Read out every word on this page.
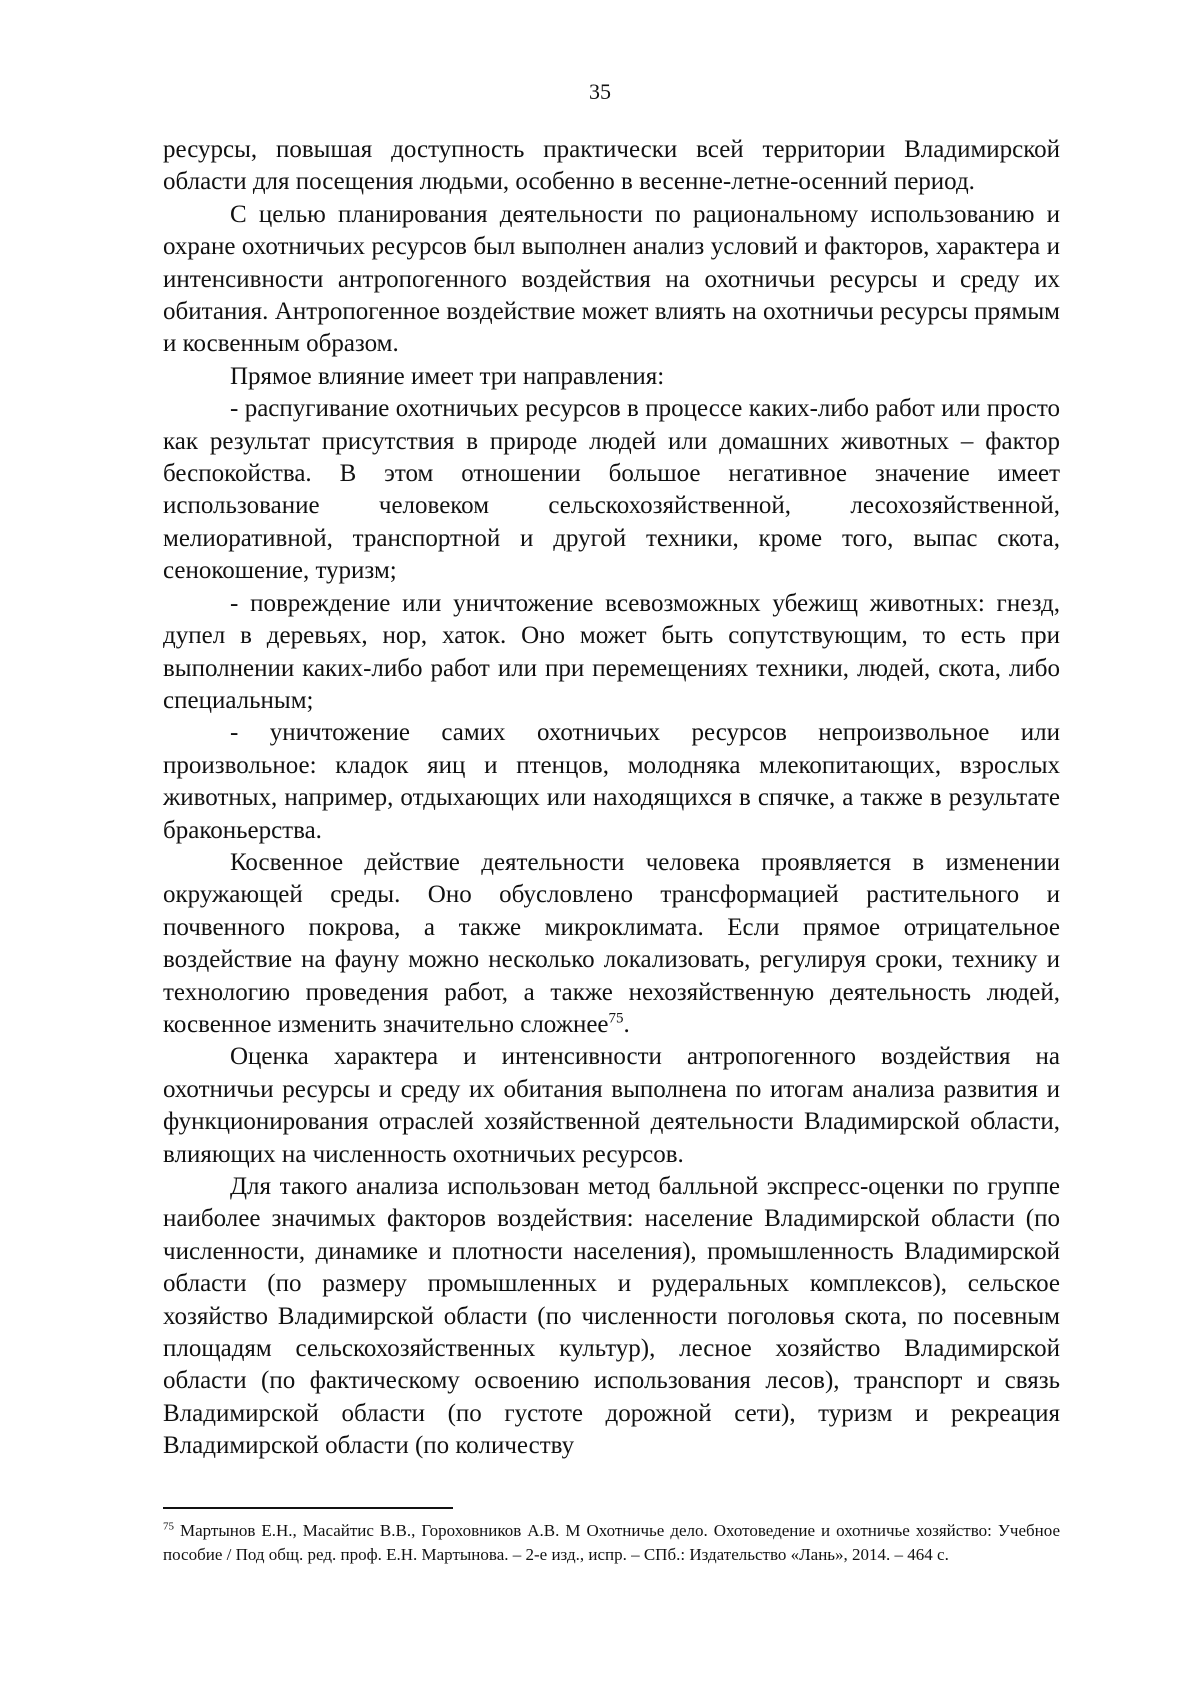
35

ресурсы, повышая доступность практически всей территории Владимирской области для посещения людьми, особенно в весенне-летне-осенний период.

С целью планирования деятельности по рациональному использованию и охране охотничьих ресурсов был выполнен анализ условий и факторов, характера и интенсивности антропогенного воздействия на охотничьи ресурсы и среду их обитания. Антропогенное воздействие может влиять на охотничьи ресурсы прямым и косвенным образом.

Прямое влияние имеет три направления:

- распугивание охотничьих ресурсов в процессе каких-либо работ или просто как результат присутствия в природе людей или домашних животных – фактор беспокойства. В этом отношении большое негативное значение имеет использование человеком сельскохозяйственной, лесохозяйственной, мелиоративной, транспортной и другой техники, кроме того, выпас скота, сенокошение, туризм;

- повреждение или уничтожение всевозможных убежищ животных: гнезд, дупел в деревьях, нор, хаток. Оно может быть сопутствующим, то есть при выполнении каких-либо работ или при перемещениях техники, людей, скота, либо специальным;

- уничтожение самих охотничьих ресурсов непроизвольное или произвольное: кладок яиц и птенцов, молодняка млекопитающих, взрослых животных, например, отдыхающих или находящихся в спячке, а также в результате браконьерства.

Косвенное действие деятельности человека проявляется в изменении окружающей среды. Оно обусловлено трансформацией растительного и почвенного покрова, а также микроклимата. Если прямое отрицательное воздействие на фауну можно несколько локализовать, регулируя сроки, технику и технологию проведения работ, а также нехозяйственную деятельность людей, косвенное изменить значительно сложнее$^{75}$.

Оценка характера и интенсивности антропогенного воздействия на охотничьи ресурсы и среду их обитания выполнена по итогам анализа развития и функционирования отраслей хозяйственной деятельности Владимирской области, влияющих на численность охотничьих ресурсов.

Для такого анализа использован метод балльной экспресс-оценки по группе наиболее значимых факторов воздействия: население Владимирской области (по численности, динамике и плотности населения), промышленность Владимирской области (по размеру промышленных и рудеральных комплексов), сельское хозяйство Владимирской области (по численности поголовья скота, по посевным площадям сельскохозяйственных культур), лесное хозяйство Владимирской области (по фактическому освоению использования лесов), транспорт и связь Владимирской области (по густоте дорожной сети), туризм и рекреация Владимирской области (по количеству

$^{75}$ Мартынов Е.Н., Масайтис В.В., Гороховников А.В. М Охотничье дело. Охотоведение и охотничье хозяйство: Учебное пособие / Под общ. ред. проф. Е.Н. Мартынова. – 2-е изд., испр. – СПб.: Издательство «Лань», 2014. – 464 с.
